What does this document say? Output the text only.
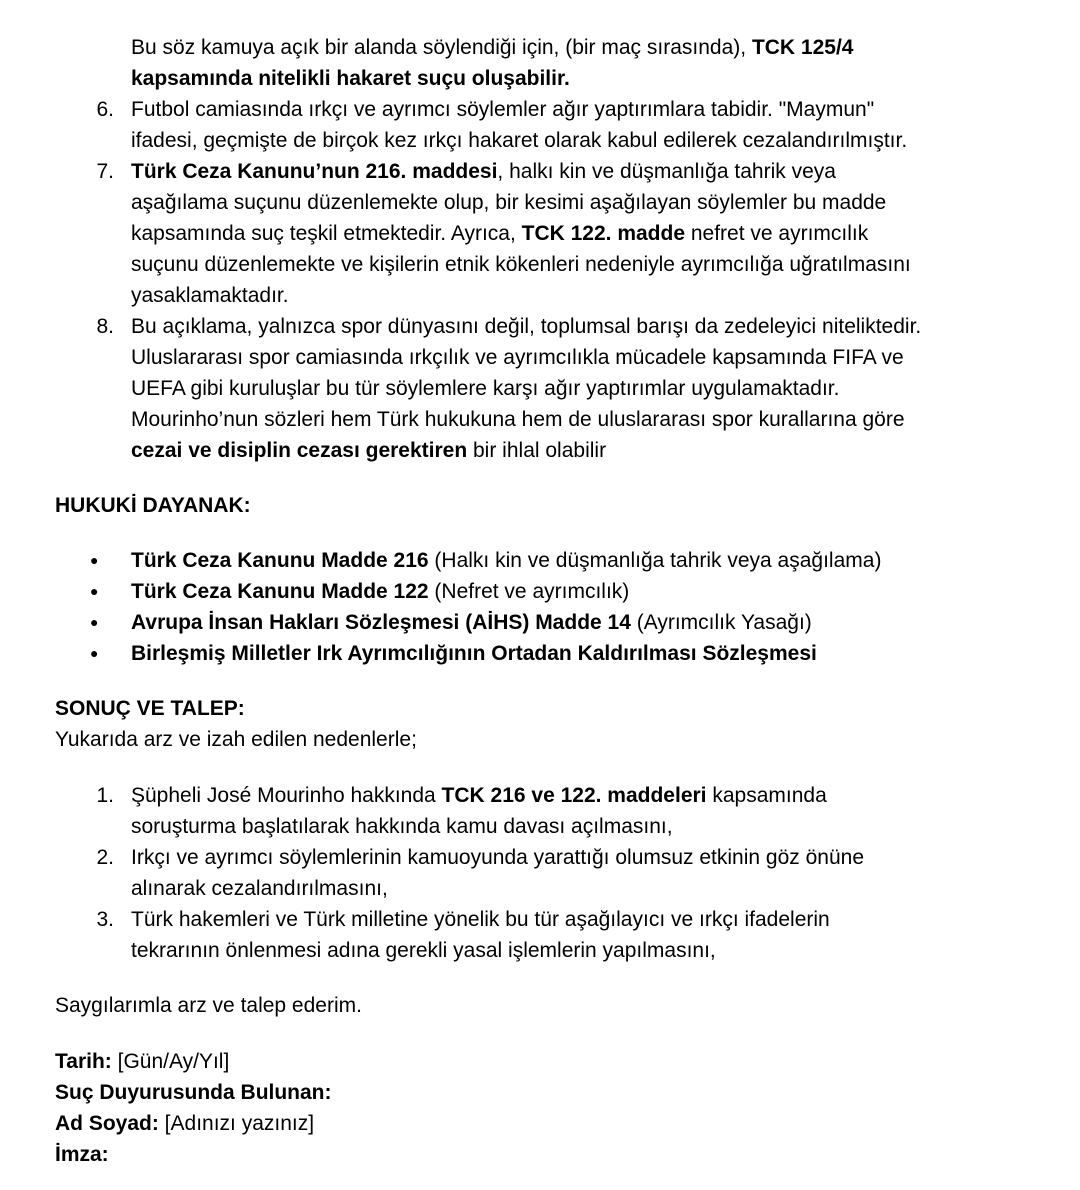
Bu söz kamuya açık bir alanda söylendiği için, (bir maç sırasında), TCK 125/4
kapsamında nitelikli hakaret suçu oluşabilir.
6. Futbol camiasında ırkçı ve ayrımcı söylemler ağır yaptırımlara tabidir. "Maymun"
ifadesi, geçmişte de birçok kez ırkçı hakaret olarak kabul edilerek cezalandırılmıştır.
7. Türk Ceza Kanunu’nun 216. maddesi, halkı kin ve düşmanlığa tahrik veya
aşağılama suçunu düzenlemekte olup, bir kesimi aşağılayan söylemler bu madde
kapsamında suç teşkil etmektedir. Ayrıca, TCK 122. madde nefret ve ayrımcılık
suçunu düzenlemekte ve kişilerin etnik kökenleri nedeniyle ayrımcılığa uğratılmasını
yasaklamaktadır.
8. Bu açıklama, yalnızca spor dünyasını değil, toplumsal barışı da zedeleyici niteliktedir.
Uluslararası spor camiasında ırkçılık ve ayrımcılıkla mücadele kapsamında FIFA ve
UEFA gibi kuruluşlar bu tür söylemlere karşı ağır yaptırımlar uygulamaktadır.
Mourinho’nun sözleri hem Türk hukukuna hem de uluslararası spor kurallarına göre
cezai ve disiplin cezası gerektiren bir ihlal olabilir
HUKUKİ DAYANAK:
● Türk Ceza Kanunu Madde 216 (Halkı kin ve düşmanlığa tahrik veya aşağılama)
● Türk Ceza Kanunu Madde 122 (Nefret ve ayrımcılık)
● Avrupa İnsan Hakları Sözleşmesi (AİHS) Madde 14 (Ayrımcılık Yasağı)
● Birleşmiş Milletler Irk Ayrımcılığının Ortadan Kaldırılması Sözleşmesi
SONUÇ VE TALEP:
Yukarıda arz ve izah edilen nedenlerle;
1. Şüpheli José Mourinho hakkında TCK 216 ve 122. maddeleri kapsamında
soruşturma başlatılarak hakkında kamu davası açılmasını,
2. Irkçı ve ayrımcı söylemlerinin kamuoyunda yarattığı olumsuz etkinin göz önüne
alınarak cezalandırılmasını,
3. Türk hakemleri ve Türk milletine yönelik bu tür aşağılayıcı ve ırkçı ifadelerin
tekrarının önlenmesi adına gerekli yasal işlemlerin yapılmasını,
Saygılarımla arz ve talep ederim.
Tarih: [Gün/Ay/Yıl]
Suç Duyurusunda Bulunan:
Ad Soyad: [Adınızı yazınız]
İmza:
